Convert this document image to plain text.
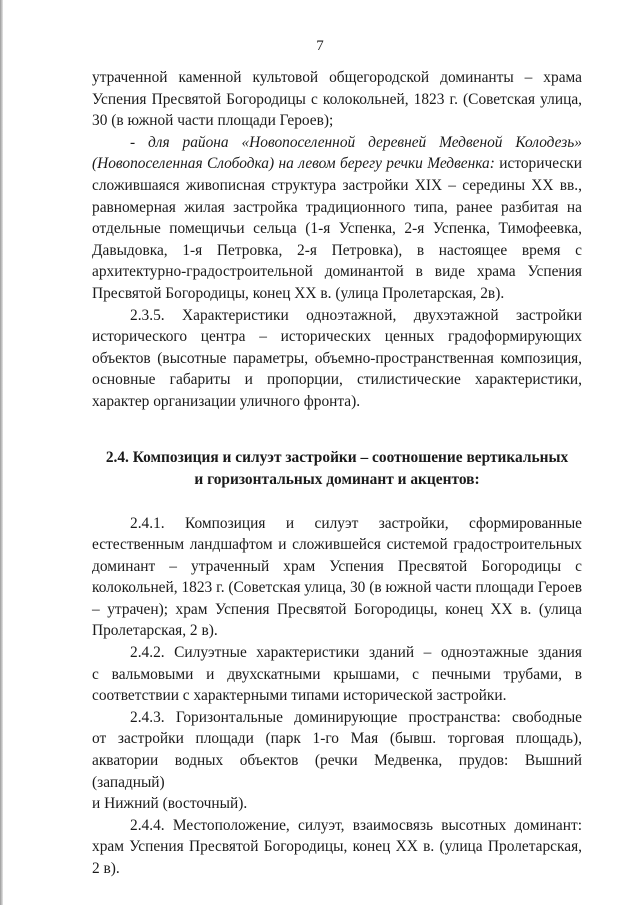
7

утраченной каменной культовой общегородской доминанты – храма

Успения Пресвятой Богородицы с колокольней, 1823 г. (Советская улица,

30 (в южной части площади Героев);

- для района «Новопоселенной деревней Медвеной Колодезь»

(Новопоселенная Слободка) на левом берегу речки Медвенка: исторически

сложившаяся живописная структура застройки XIX – середины XX вв.,

равномерная жилая застройка традиционного типа, ранее разбитая на

отдельные помещичьи сельца (1-я Успенка, 2-я Успенка, Тимофеевка,

Давыдовка, 1-я Петровка, 2-я Петровка), в настоящее время с

архитектурно-градостроительной доминантой в виде храма Успения

Пресвятой Богородицы, конец XX в. (улица Пролетарская, 2в).

2.3.5. Характеристики одноэтажной, двухэтажной застройки

исторического центра – исторических ценных градоформирующих

объектов (высотные параметры, объемно-пространственная композиция,

основные габариты и пропорции, стилистические характеристики,

характер организации уличного фронта).

2.4. Композиция и силуэт застройки – соотношение вертикальных
и горизонтальных доминант и акцентов:

2.4.1. Композиция и силуэт застройки, сформированные

естественным ландшафтом и сложившейся системой градостроительных

доминант – утраченный храм Успения Пресвятой Богородицы с

колокольней, 1823 г. (Советская улица, 30 (в южной части площади Героев

– утрачен); храм Успения Пресвятой Богородицы, конец XX в. (улица

Пролетарская, 2 в).

2.4.2. Силуэтные характеристики зданий – одноэтажные здания

с вальмовыми и двухскатными крышами, с печными трубами, в

соответствии с характерными типами исторической застройки.

2.4.3. Горизонтальные доминирующие пространства: свободные

от застройки площади (парк 1-го Мая (бывш. торговая площадь),

акватории водных объектов (речки Медвенка, прудов: Вышний (западный)

и Нижний (восточный).

2.4.4. Местоположение, силуэт, взаимосвязь высотных доминант:

храм Успения Пресвятой Богородицы, конец XX в. (улица Пролетарская,

2 в).
